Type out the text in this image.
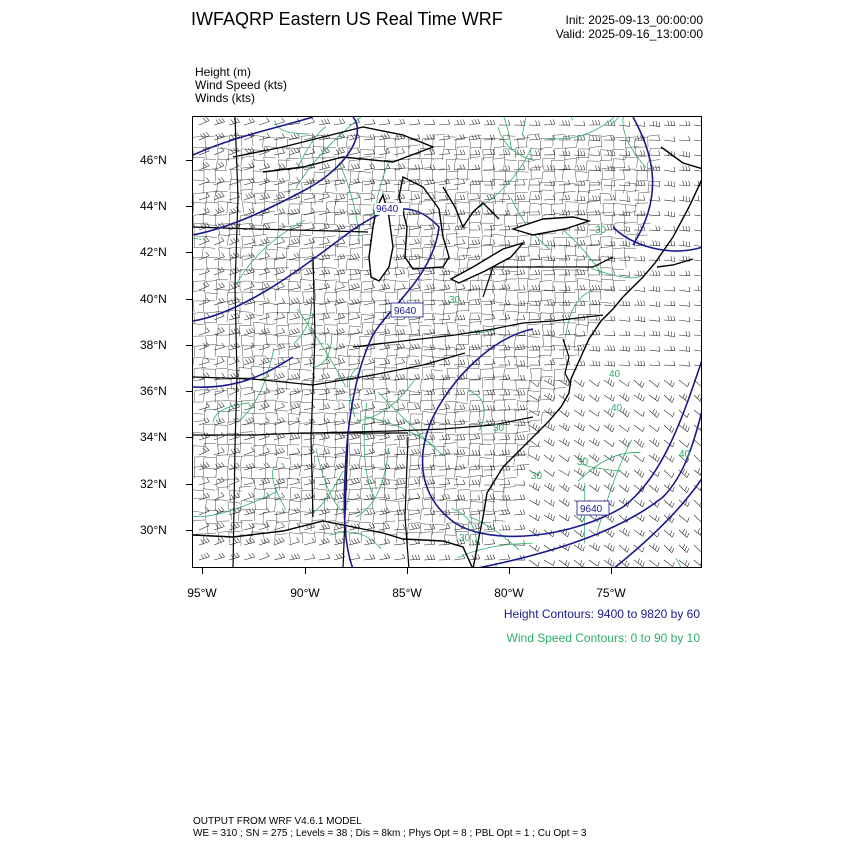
IWFAQRP Eastern US Real Time WRF	Init: 2025-09-13_00:00:00
Valid: 2025-09-16_13:00:00
Height (m)
Wind Speed (kts)
Winds (kts)
9640
9640
9640
40
40
30
30
30
30
30
40
30
46°N
44°N
42°N
40°N
38°N
36°N
34°N
32°N
30°N
95°W	90°W	85°W	80°W	75°W
Height Contours: 9400 to 9820 by 60
Wind Speed Contours: 0 to 90 by 10
OUTPUT FROM WRF V4.6.1 MODEL
WE = 310 ; SN = 275 ; Levels = 38 ; Dis = 8km ; Phys Opt = 8 ; PBL Opt = 1 ; Cu Opt = 3
